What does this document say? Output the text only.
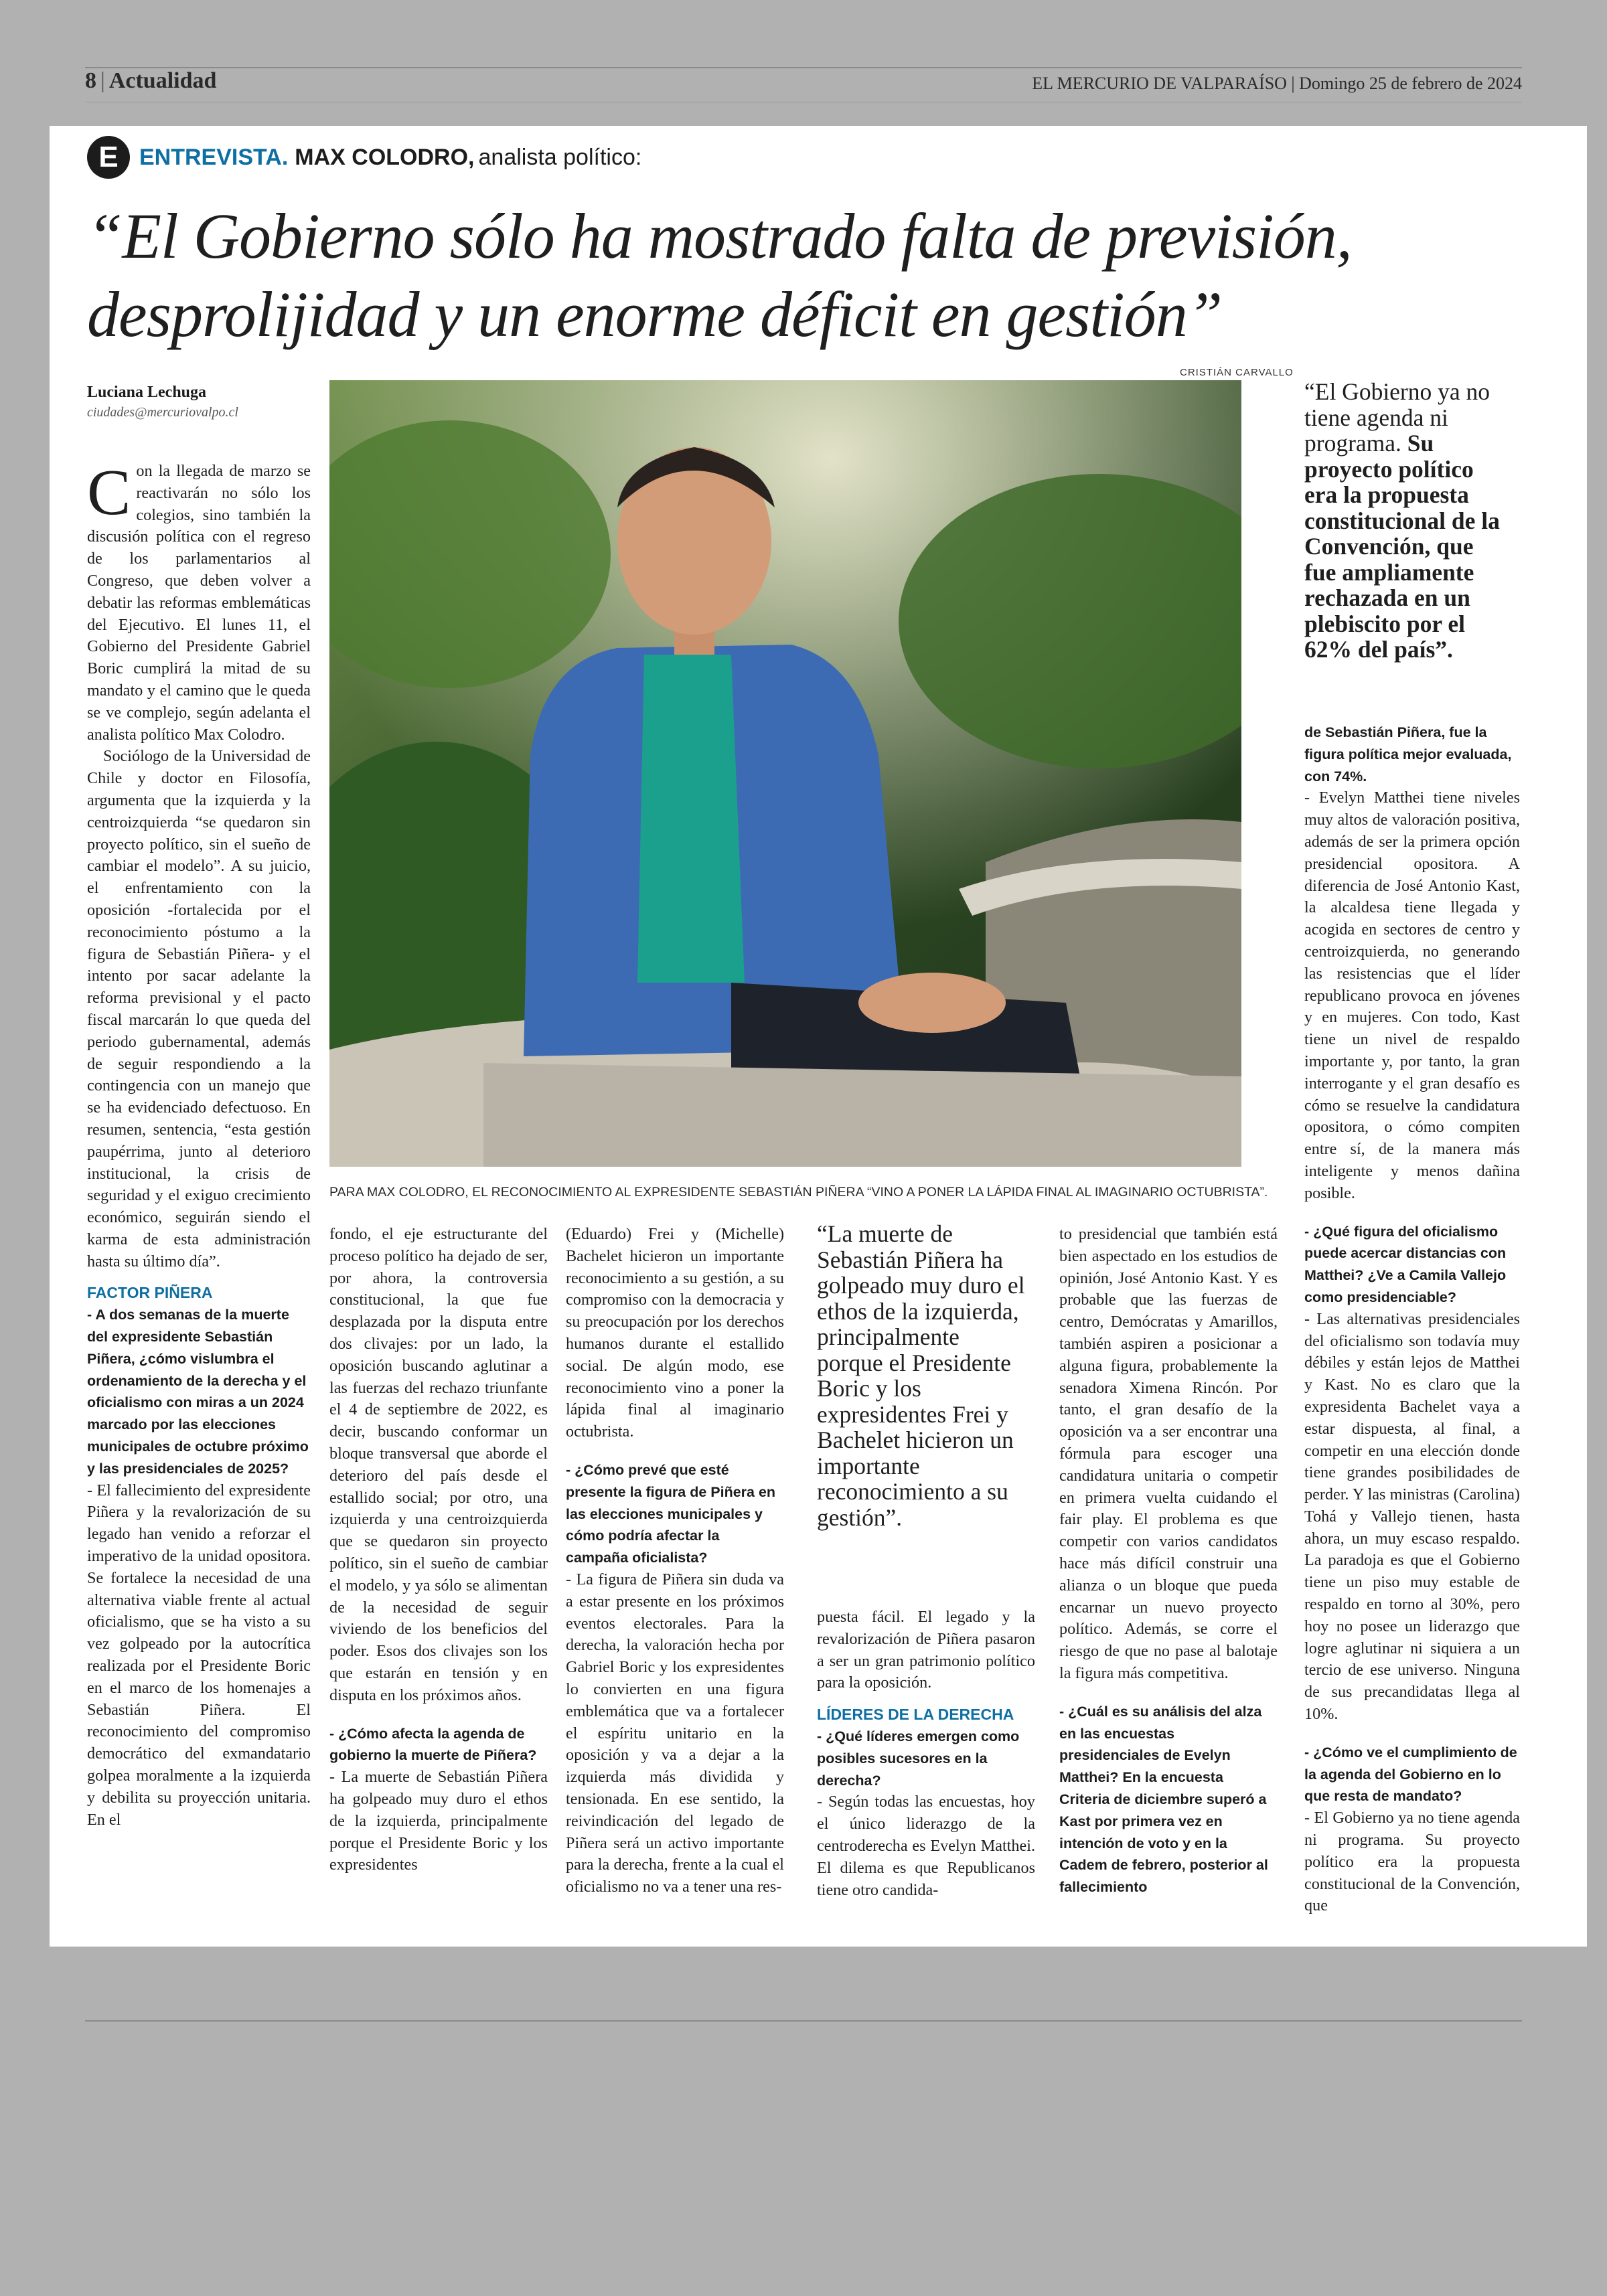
8 | Actualidad	EL MERCURIO DE VALPARAÍSO | Domingo 25 de febrero de 2024
E ENTREVISTA. MAX COLODRO, analista político:
“El Gobierno sólo ha mostrado falta de previsión,
desprolijidad y un enorme déficit en gestión”
Luciana Lechuga
ciudades@mercuriovalpo.cl

Con la llegada de marzo se reactivarán no sólo los colegios, sino también la discusión política con el regreso de los parlamentarios al Congreso, que deben volver a debatir las reformas emblemáticas del Ejecutivo. El lunes 11, el Gobierno del Presidente Gabriel Boric cumplirá la mitad de su mandato y el camino que le queda se ve complejo, según adelanta el analista político Max Colodro.

Sociólogo de la Universidad de Chile y doctor en Filosofía, argumenta que la izquierda y la centroizquierda “se quedaron sin proyecto político, sin el sueño de cambiar el modelo”. A su juicio, el enfrentamiento con la oposición -fortalecida por el reconocimiento póstumo a la figura de Sebastián Piñera- y el intento por sacar adelante la reforma previsional y el pacto fiscal marcarán lo que queda del periodo gubernamental, además de seguir respondiendo a la contingencia con un manejo que se ha evidenciado defectuoso. En resumen, sentencia, “esta gestión paupérrima, junto al deterioro institucional, la crisis de seguridad y el exiguo crecimiento económico, seguirán siendo el karma de esta administración hasta su último día”.

FACTOR PIÑERA

- A dos semanas de la muerte del expresidente Sebastián Piñera, ¿cómo vislumbra el ordenamiento de la derecha y el oficialismo con miras a un 2024 marcado por las elecciones municipales de octubre próximo y las presidenciales de 2025?

- El fallecimiento del expresidente Piñera y la revalorización de su legado han venido a reforzar el imperativo de la unidad opositora. Se fortalece la necesidad de una alternativa viable frente al actual oficialismo, que se ha visto a su vez golpeado por la autocrítica realizada por el Presidente Boric en el marco de los homenajes a Sebastián Piñera. El reconocimiento del compromiso democrático del exmandatario golpea moralmente a la izquierda y debilita su proyección unitaria. En el

CRISTIÁN CARVALLO
PARA MAX COLODRO, EL RECONOCIMIENTO AL EXPRESIDENTE SEBASTIÁN PIÑERA “VINO A PONER LA LÁPIDA FINAL AL IMAGINARIO OCTUBRISTA”.

fondo, el eje estructurante del proceso político ha dejado de ser, por ahora, la controversia constitucional, la que fue desplazada por la disputa entre dos clivajes: por un lado, la oposición buscando aglutinar a las fuerzas del rechazo triunfante el 4 de septiembre de 2022, es decir, buscando conformar un bloque transversal que aborde el deterioro del país desde el estallido social; por otro, una izquierda y una centroizquierda que se quedaron sin proyecto político, sin el sueño de cambiar el modelo, y ya sólo se alimentan de la necesidad de seguir viviendo de los beneficios del poder. Esos dos clivajes son los que estarán en tensión y en disputa en los próximos años.

- ¿Cómo afecta la agenda de gobierno la muerte de Piñera?

- La muerte de Sebastián Piñera ha golpeado muy duro el ethos de la izquierda, principalmente porque el Presidente Boric y los expresidentes

(Eduardo) Frei y (Michelle) Bachelet hicieron un importante reconocimiento a su gestión, a su compromiso con la democracia y su preocupación por los derechos humanos durante el estallido social. De algún modo, ese reconocimiento vino a poner la lápida final al imaginario octubrista.

- ¿Cómo prevé que esté presente la figura de Piñera en las elecciones municipales y cómo podría afectar la campaña oficialista?

- La figura de Piñera sin duda va a estar presente en los próximos eventos electorales. Para la derecha, la valoración hecha por Gabriel Boric y los expresidentes lo convierten en una figura emblemática que va a fortalecer el espíritu unitario en la oposición y va a dejar a la izquierda más dividida y tensionada. En ese sentido, la reivindicación del legado de Piñera será un activo importante para la derecha, frente a la cual el oficialismo no va a tener una res-

“La muerte de Sebastián Piñera ha golpeado muy duro el ethos de la izquierda, principalmente porque el Presidente Boric y los expresidentes Frei y Bachelet hicieron un importante reconocimiento a su gestión”.

puesta fácil. El legado y la revalorización de Piñera pasaron a ser un gran patrimonio político para la oposición.

LÍDERES DE LA DERECHA

- ¿Qué líderes emergen como posibles sucesores en la derecha?

- Según todas las encuestas, hoy el único liderazgo de la centroderecha es Evelyn Matthei. El dilema es que Republicanos tiene otro candida-

to presidencial que también está bien aspectado en los estudios de opinión, José Antonio Kast. Y es probable que las fuerzas de centro, Demócratas y Amarillos, también aspiren a posicionar a alguna figura, probablemente la senadora Ximena Rincón. Por tanto, el gran desafío de la oposición va a ser encontrar una fórmula para escoger una candidatura unitaria o competir en primera vuelta cuidando el fair play. El problema es que competir con varios candidatos hace más difícil construir una alianza o un bloque que pueda encarnar un nuevo proyecto político. Además, se corre el riesgo de que no pase al balotaje la figura más competitiva.

- ¿Cuál es su análisis del alza en las encuestas presidenciales de Evelyn Matthei? En la encuesta Criteria de diciembre superó a Kast por primera vez en intención de voto y en la Cadem de febrero, posterior al fallecimiento

“El Gobierno ya no tiene agenda ni programa. Su proyecto político era la propuesta constitucional de la Convención, que fue ampliamente rechazada en un plebiscito por el 62% del país”.

de Sebastián Piñera, fue la figura política mejor evaluada, con 74%.

- Evelyn Matthei tiene niveles muy altos de valoración positiva, además de ser la primera opción presidencial opositora. A diferencia de José Antonio Kast, la alcaldesa tiene llegada y acogida en sectores de centro y centroizquierda, no generando las resistencias que el líder republicano provoca en jóvenes y en mujeres. Con todo, Kast tiene un nivel de respaldo importante y, por tanto, la gran interrogante y el gran desafío es cómo se resuelve la candidatura opositora, o cómo compiten entre sí, de la manera más inteligente y menos dañina posible.

- ¿Qué figura del oficialismo puede acercar distancias con Matthei? ¿Ve a Camila Vallejo como presidenciable?

- Las alternativas presidenciales del oficialismo son todavía muy débiles y están lejos de Matthei y Kast. No es claro que la expresidenta Bachelet vaya a estar dispuesta, al final, a competir en una elección donde tiene grandes posibilidades de perder. Y las ministras (Carolina) Tohá y Vallejo tienen, hasta ahora, un muy escaso respaldo. La paradoja es que el Gobierno tiene un piso muy estable de respaldo en torno al 30%, pero hoy no posee un liderazgo que logre aglutinar ni siquiera a un tercio de ese universo. Ninguna de sus precandidatas llega al 10%.

- ¿Cómo ve el cumplimiento de la agenda del Gobierno en lo que resta de mandato?

- El Gobierno ya no tiene agenda ni programa. Su proyecto político era la propuesta constitucional de la Convención, que
